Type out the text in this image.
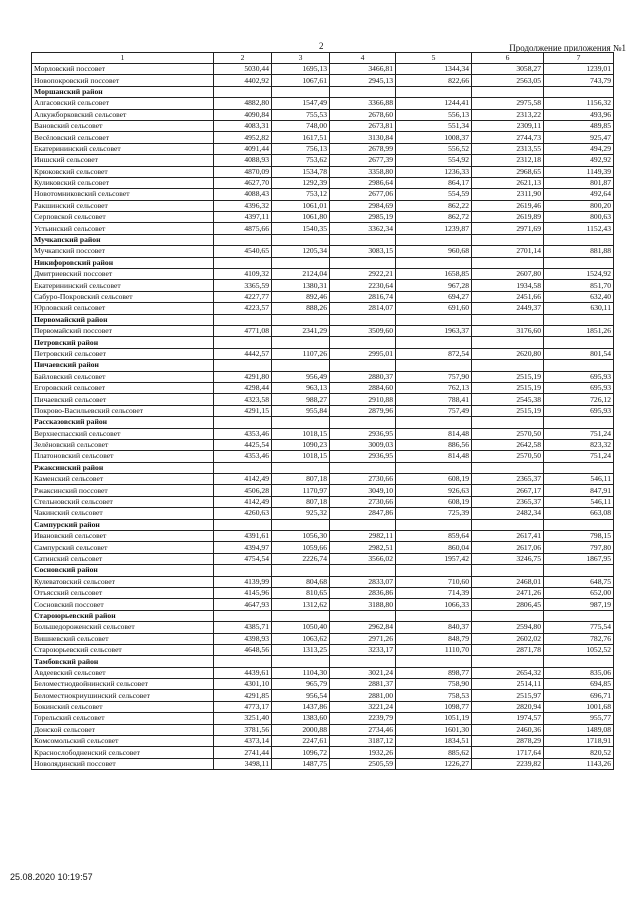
2	Продолжение приложения №1
1	2	3	4	5	6	7
Морловский поссовет	5030,44	1695,13	3466,81	1344,34	3058,27	1239,01
Новопокровский поссовет	4402,92	1067,61	2945,13	822,66	2563,05	743,79
Моршанский район						
Алгасовский сельсовет	4882,80	1547,49	3366,88	1244,41	2975,58	1156,32
Алкужборковский сельсовет	4090,84	755,53	2678,60	556,13	2313,22	493,96
Вановский сельсовет	4083,31	748,00	2673,81	551,34	2309,11	489,85
Весёловский сельсовет	4952,82	1617,51	3130,84	1008,37	2744,73	925,47
Екатерининский сельсовет	4091,44	756,13	2678,99	556,52	2313,55	494,29
Иншский сельсовет	4088,93	753,62	2677,39	554,92	2312,18	492,92
Крюковский сельсовет	4870,09	1534,78	3358,80	1236,33	2968,65	1149,39
Куликовский сельсовет	4627,70	1292,39	2986,64	864,17	2621,13	801,87
Новотомниковский сельсовет	4088,43	753,12	2677,06	554,59	2311,90	492,64
Ракшинский сельсовет	4396,32	1061,01	2984,69	862,22	2619,46	800,20
Серповской сельсовет	4397,11	1061,80	2985,19	862,72	2619,89	800,63
Устьинский сельсовет	4875,66	1540,35	3362,34	1239,87	2971,69	1152,43
Мучкапский район						
Мучкапский поссовет	4540,65	1205,34	3083,15	960,68	2701,14	881,88
Никифоровский район						
Дмитриевский поссовет	4109,32	2124,04	2922,21	1658,85	2607,80	1524,92
Екатерининский сельсовет	3365,59	1380,31	2230,64	967,28	1934,58	851,70
Сабуро-Покровский сельсовет	4227,77	892,46	2816,74	694,27	2451,66	632,40
Юрловский сельсовет	4223,57	888,26	2814,07	691,60	2449,37	630,11
Первомайский район						
Первомайский поссовет	4771,08	2341,29	3509,60	1963,37	3176,60	1851,26
Петровский район						
Петровский сельсовет	4442,57	1107,26	2995,01	872,54	2620,80	801,54
Пичаевский район						
Байловский сельсовет	4291,80	956,49	2880,37	757,90	2515,19	695,93
Егоровский сельсовет	4298,44	963,13	2884,60	762,13	2515,19	695,93
Пичаевский сельсовет	4323,58	988,27	2910,88	788,41	2545,38	726,12
Покрово-Васильевский сельсовет	4291,15	955,84	2879,96	757,49	2515,19	695,93
Рассказовский район						
Верхнеспасский сельсовет	4353,46	1018,15	2936,95	814,48	2570,50	751,24
Зелёновский сельсовет	4425,54	1090,23	3009,03	886,56	2642,58	823,32
Платоновский сельсовет	4353,46	1018,15	2936,95	814,48	2570,50	751,24
Ржаксинский район						
Каменский сельсовет	4142,49	807,18	2730,66	608,19	2365,37	546,11
Ржаксинский поссовет	4506,28	1170,97	3049,10	926,63	2667,17	847,91
Стельновский сельсовет	4142,49	807,18	2730,66	608,19	2365,37	546,11
Чакинский сельсовет	4260,63	925,32	2847,86	725,39	2482,34	663,08
Сампурский район						
Ивановский сельсовет	4391,61	1056,30	2982,11	859,64	2617,41	798,15
Сампурский сельсовет	4394,97	1059,66	2982,51	860,04	2617,06	797,80
Сатинский сельсовет	4754,54	2226,74	3566,02	1957,42	3246,75	1867,95
Сосновский район						
Кулеватовский сельсовет	4139,99	804,68	2833,07	710,60	2468,01	648,75
Отъясский сельсовет	4145,96	810,65	2836,86	714,39	2471,26	652,00
Сосновский поссовет	4647,93	1312,62	3188,80	1066,33	2806,45	987,19
Староюрьевский район						
Большедороженский сельсовет	4385,71	1050,40	2962,84	840,37	2594,80	775,54
Вишневский сельсовет	4398,93	1063,62	2971,26	848,79	2602,02	782,76
Староюрьевский сельсовет	4648,56	1313,25	3233,17	1110,70	2871,78	1052,52
Тамбовский район						
Авдеевский сельсовет	4439,61	1104,30	3021,24	898,77	2654,32	835,06
Беломестнодвойнинский сельсовет	4301,10	965,79	2881,37	758,90	2514,11	694,85
Беломестнокриушинский сельсовет	4291,85	956,54	2881,00	758,53	2515,97	696,71
Бокинский сельсовет	4773,17	1437,86	3221,24	1098,77	2820,94	1001,68
Горельский сельсовет	3251,40	1383,60	2239,79	1051,19	1974,57	955,77
Донской сельсовет	3781,56	2000,88	2734,46	1601,30	2460,36	1489,08
Комсомольский сельсовет	4373,14	2247,61	3187,12	1834,51	2878,29	1718,91
Краснослободненский сельсовет	2741,44	1096,72	1932,26	885,62	1717,64	820,52
Новолядинский поссовет	3498,11	1487,75	2505,59	1226,27	2239,82	1143,26
25.08.2020 10:19:57
